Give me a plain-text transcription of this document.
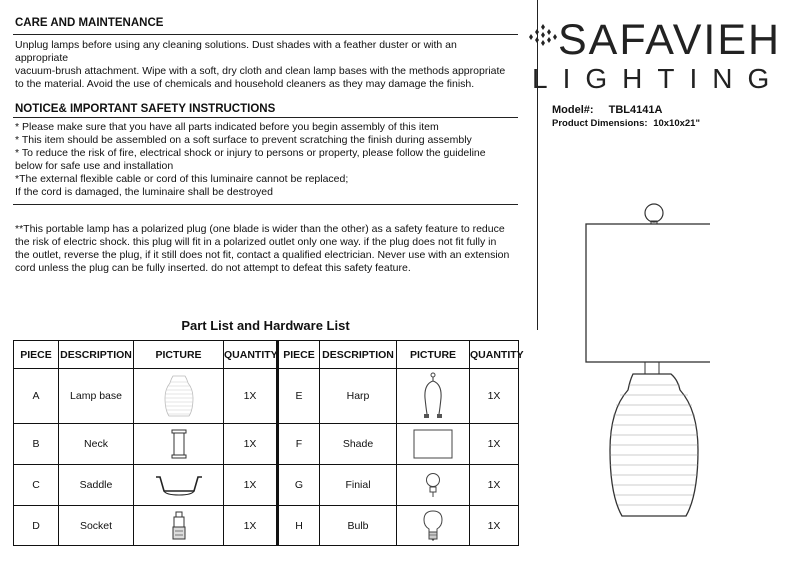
CARE AND MAINTENANCE
Unplug lamps before using any cleaning solutions. Dust shades with a feather duster or with an
appropriate
vacuum-brush attachment. Wipe with a soft, dry cloth and clean lamp bases with the methods appropriate
to the material. Avoid the use of chemicals and household cleaners as they may damage the finish.
NOTICE& IMPORTANT SAFETY INSTRUCTIONS
* Please make sure that you have all parts indicated before you begin assembly of this item
* This item should be assembled on a soft surface to prevent scratching the finish during assembly
* To reduce the risk of fire, electrical shock or injury to persons or property, please follow the guideline
below for safe use and installation
*The external flexible cable or cord of this luminaire cannot be replaced;
If the cord is damaged, the luminaire shall be destroyed
**This portable lamp has a polarized plug (one blade is wider than the other) as a safety feature to reduce
the risk of electric shock. this plug will fit in a polarized outlet only one way. if the plug does not fit fully in
the outlet, reverse the plug, if it still does not fit, contact a qualified electrician. Never use with an extension
cord unless the plug can be fully inserted. do not attempt to defeat this safety feature.
SAFAVIEH
LIGHTING
Model#: TBL4141A
Product Dimensions: 10x10x21"
Part List and Hardware List
PIECE	DESCRIPTION	PICTURE	QUANTITY	PIECE	DESCRIPTION	PICTURE	QUANTITY
A	Lamp base		1X	E	Harp		1X
B	Neck		1X	F	Shade		1X
C	Saddle		1X	G	Finial		1X
D	Socket		1X	H	Bulb		1X
